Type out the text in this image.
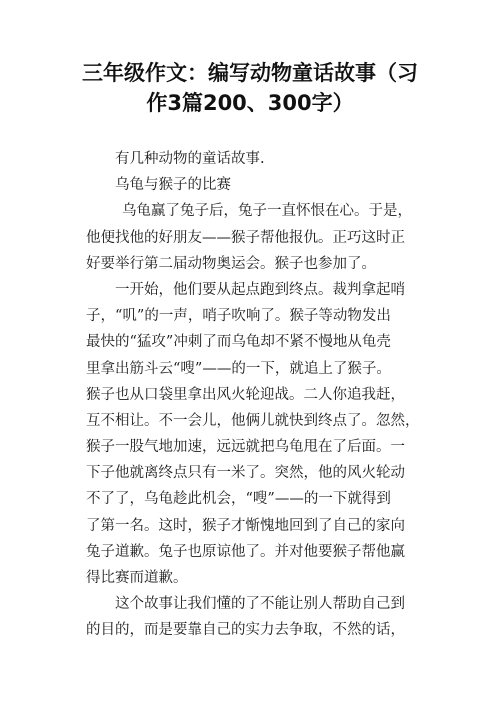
三年级作文：编写动物童话故事（习
作3篇200、300字）
有几种动物的童话故事.
乌龟与猴子的比赛
乌龟赢了兔子后，兔子一直怀恨在心。于是，
他便找他的好朋友——猴子帮他报仇。正巧这时正
好要举行第二届动物奥运会。猴子也参加了。
一开始，他们要从起点跑到终点。裁判拿起哨
子，“叽”的一声，哨子吹响了。猴子等动物发出
最快的“猛攻”冲刺了而乌龟却不紧不慢地从龟壳
里拿出筋斗云“嗖”——的一下，就追上了猴子。
猴子也从口袋里拿出风火轮迎战。二人你追我赶，
互不相让。不一会儿，他俩儿就快到终点了。忽然，
猴子一股气地加速，远远就把乌龟甩在了后面。一
下子他就离终点只有一米了。突然，他的风火轮动
不了了，乌龟趁此机会，“嗖”——的一下就得到
了第一名。这时，猴子才惭愧地回到了自己的家向
兔子道歉。兔子也原谅他了。并对他要猴子帮他赢
得比赛而道歉。
这个故事让我们懂的了不能让别人帮助自己到
的目的，而是要靠自己的实力去争取，不然的话，
